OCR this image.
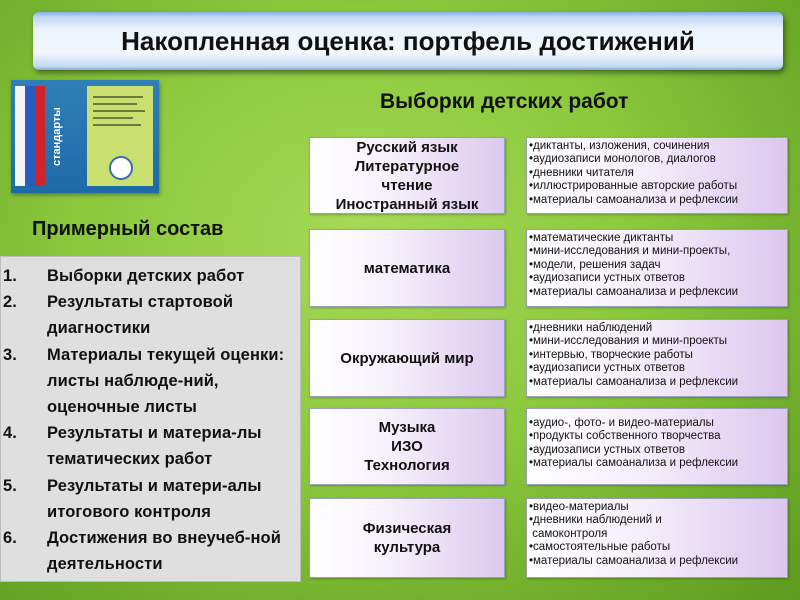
Накопленная оценка: портфель достижений
стандарты
Выборки детских работ
Примерный состав
1. Выборки детских работ
2. Результаты стартовой диагностики
3. Материалы текущей оценки: листы наблюде-ний, оценочные листы
4. Результаты и материа-лы тематических работ
5. Результаты и матери-алы итогового контроля
6. Достижения во внеучеб-ной деятельности
Русский язык
Литературное
чтение
Иностранный язык
•диктанты, изложения, сочинения
•аудиозаписи монологов, диалогов
•дневники читателя
•иллюстрированные авторские работы
•материалы самоанализа и рефлексии
математика
•математические диктанты
•мини-исследования и мини-проекты,
•модели, решения задач
•аудиозаписи устных ответов
•материалы самоанализа и рефлексии
Окружающий мир
•дневники наблюдений
•мини-исследования и мини-проекты
•интервью, творческие работы
•аудиозаписи устных ответов
•материалы самоанализа и рефлексии
Музыка
ИЗО
Технология
•аудио-, фото- и видео-материалы
•продукты собственного творчества
•аудиозаписи устных ответов
•материалы самоанализа и рефлексии
Физическая
культура
•видео-материалы
•дневники наблюдений и
самоконтроля
•самостоятельные работы
•материалы самоанализа и рефлексии
